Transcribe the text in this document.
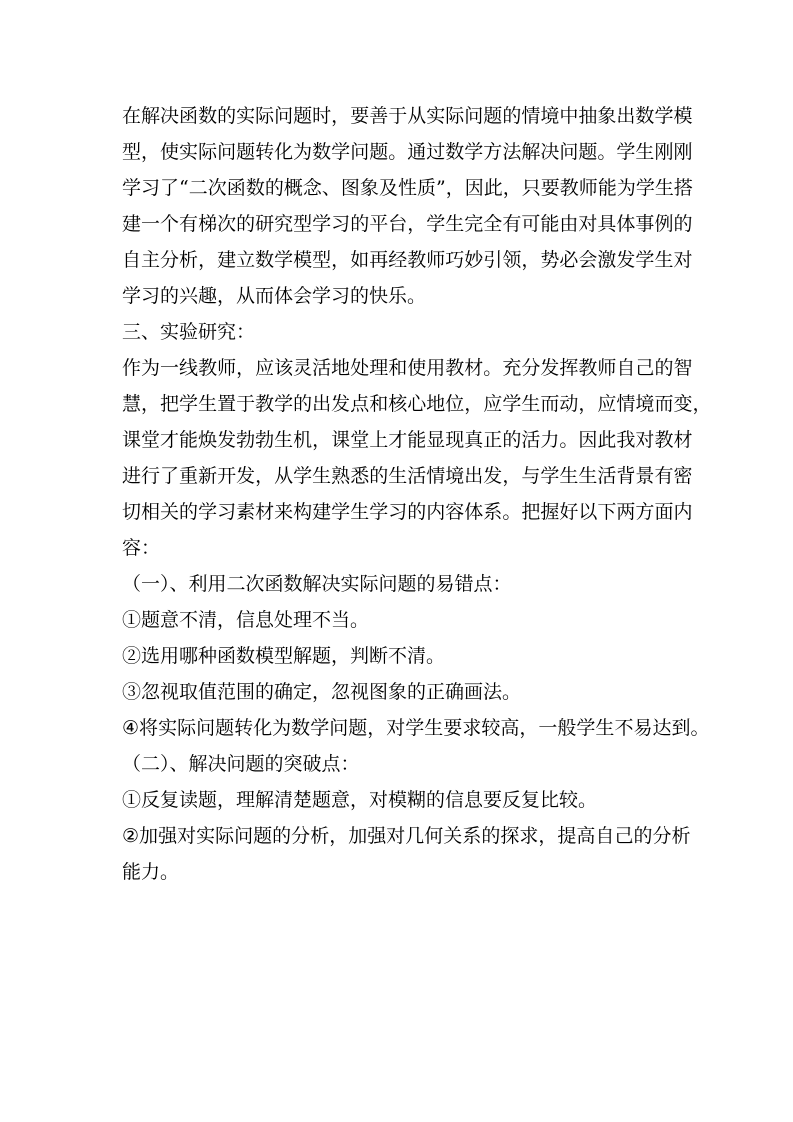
在 解 决 函 数 的 实 际 问 题 时 ， 要 善 于 从 实 际 问 题 的 情 境 中 抽 象 出 数 学 模
型 ， 使 实 际 问 题 转 化 为 数 学 问 题 。 通 过 数 学 方 法 解 决 问 题 。 学 生 刚 刚
学 习 了 “ 二 次 函 数 的 概 念 、 图 象 及 性 质 ” ， 因 此 ， 只 要 教 师 能 为 学 生 搭
建 一 个 有 梯 次 的 研 究 型 学 习 的 平 台 ， 学 生 完 全 有 可 能 由 对 具 体 事 例 的
自 主 分 析 ， 建 立 数 学 模 型 ， 如 再 经 教 师 巧 妙 引 领 ， 势 必 会 激 发 学 生 对
学习的兴趣，从而体会学习的快乐。
三、实验研究：
作 为 一 线 教 师 ， 应 该 灵 活 地 处 理 和 使 用 教 材 。 充 分 发 挥 教 师 自 己 的 智
慧 ， 把 学 生 置 于 教 学 的 出 发 点 和 核 心 地 位 ， 应 学 生 而 动 ， 应 情 境 而 变 ，
课 堂 才 能 焕 发 勃 勃 生 机 ， 课 堂 上 才 能 显 现 真 正 的 活 力 。 因 此 我 对 教 材
进 行 了 重 新 开 发 ， 从 学 生 熟 悉 的 生 活 情 境 出 发 ， 与 学 生 生 活 背 景 有 密
切 相 关 的 学 习 素 材 来 构 建 学 生 学 习 的 内 容 体 系 。 把 握 好 以 下 两 方 面 内
容：
（一）、利用二次函数解决实际问题的易错点：
①题意不清，信息处理不当。
②选用哪种函数模型解题，判断不清。
③忽视取值范围的确定，忽视图象的正确画法。
④ 将 实 际 问 题 转 化 为 数 学 问 题 ， 对 学 生 要 求 较 高 ， 一 般 学 生 不 易 达 到 。
（二）、解决问题的突破点：
①反复读题，理解清楚题意，对模糊的信息要反复比较。
② 加 强 对 实 际 问 题 的 分 析 ， 加 强 对 几 何 关 系 的 探 求 ， 提 高 自 己 的 分 析
能力。
